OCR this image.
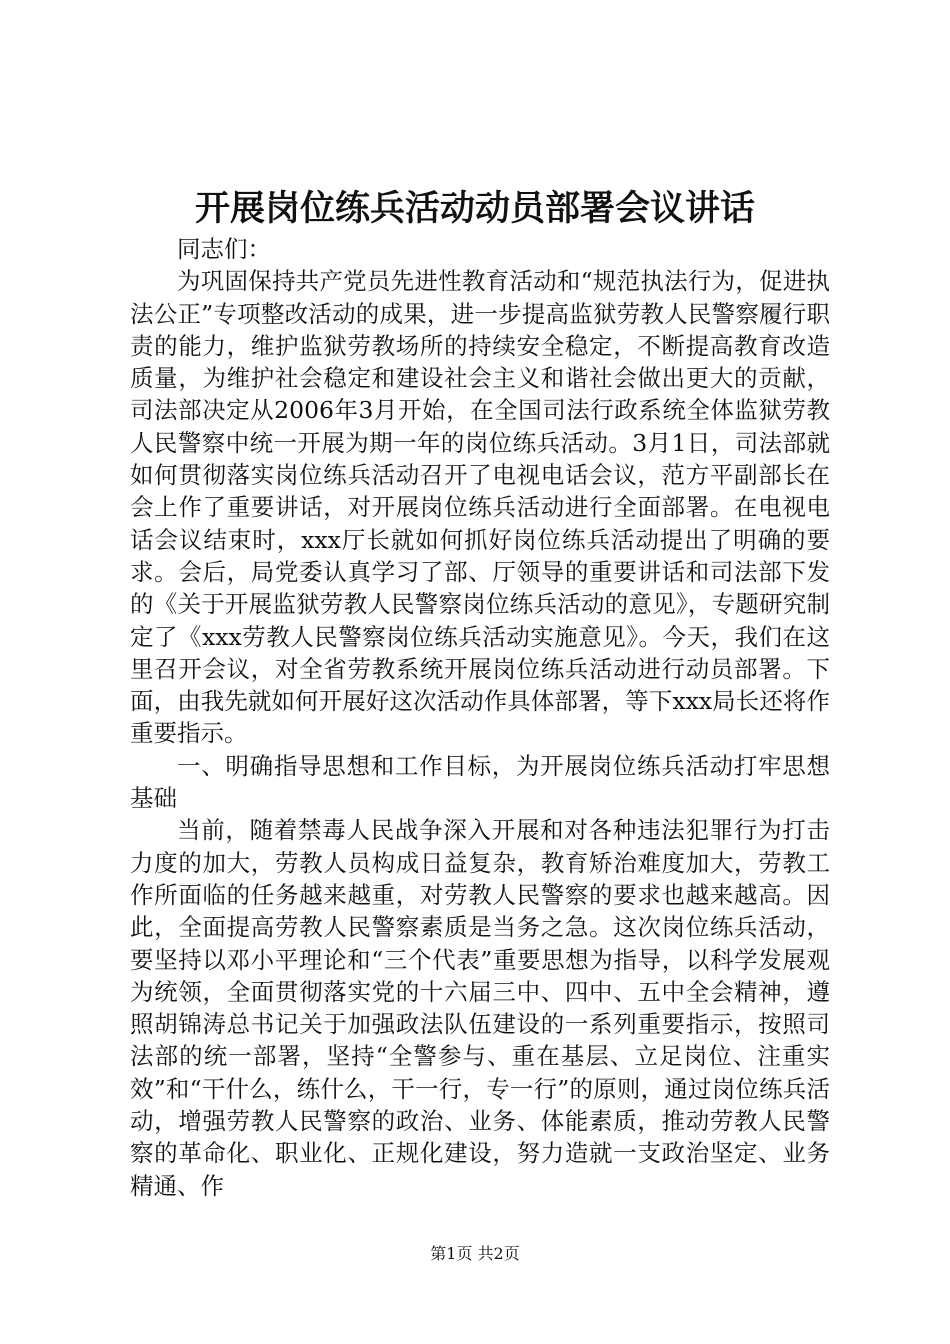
开展岗位练兵活动动员部署会议讲话

同志们：

为巩固保持共产党员先进性教育活动和“规范执法行为，促进执法公正”专项整改活动的成果，进一步提高监狱劳教人民警察履行职责的能力，维护监狱劳教场所的持续安全稳定，不断提高教育改造质量，为维护社会稳定和建设社会主义和谐社会做出更大的贡献，司法部决定从2006年3月开始，在全国司法行政系统全体监狱劳教人民警察中统一开展为期一年的岗位练兵活动。3月1日，司法部就如何贯彻落实岗位练兵活动召开了电视电话会议，范方平副部长在会上作了重要讲话，对开展岗位练兵活动进行全面部署。在电视电话会议结束时，xxx厅长就如何抓好岗位练兵活动提出了明确的要求。会后，局党委认真学习了部、厅领导的重要讲话和司法部下发的《关于开展监狱劳教人民警察岗位练兵活动的意见》，专题研究制定了《xxx劳教人民警察岗位练兵活动实施意见》。今天，我们在这里召开会议，对全省劳教系统开展岗位练兵活动进行动员部署。下面，由我先就如何开展好这次活动作具体部署，等下xxx局长还将作重要指示。

一、明确指导思想和工作目标，为开展岗位练兵活动打牢思想基础

当前，随着禁毒人民战争深入开展和对各种违法犯罪行为打击力度的加大，劳教人员构成日益复杂，教育矫治难度加大，劳教工作所面临的任务越来越重，对劳教人民警察的要求也越来越高。因此，全面提高劳教人民警察素质是当务之急。这次岗位练兵活动，要坚持以邓小平理论和“三个代表”重要思想为指导，以科学发展观为统领，全面贯彻落实党的十六届三中、四中、五中全会精神，遵照胡锦涛总书记关于加强政法队伍建设的一系列重要指示，按照司法部的统一部署，坚持“全警参与、重在基层、立足岗位、注重实效”和“干什么，练什么，干一行，专一行”的原则，通过岗位练兵活动，增强劳教人民警察的政治、业务、体能素质，推动劳教人民警察的革命化、职业化、正规化建设，努力造就一支政治坚定、业务精通、作

第1页 共2页
